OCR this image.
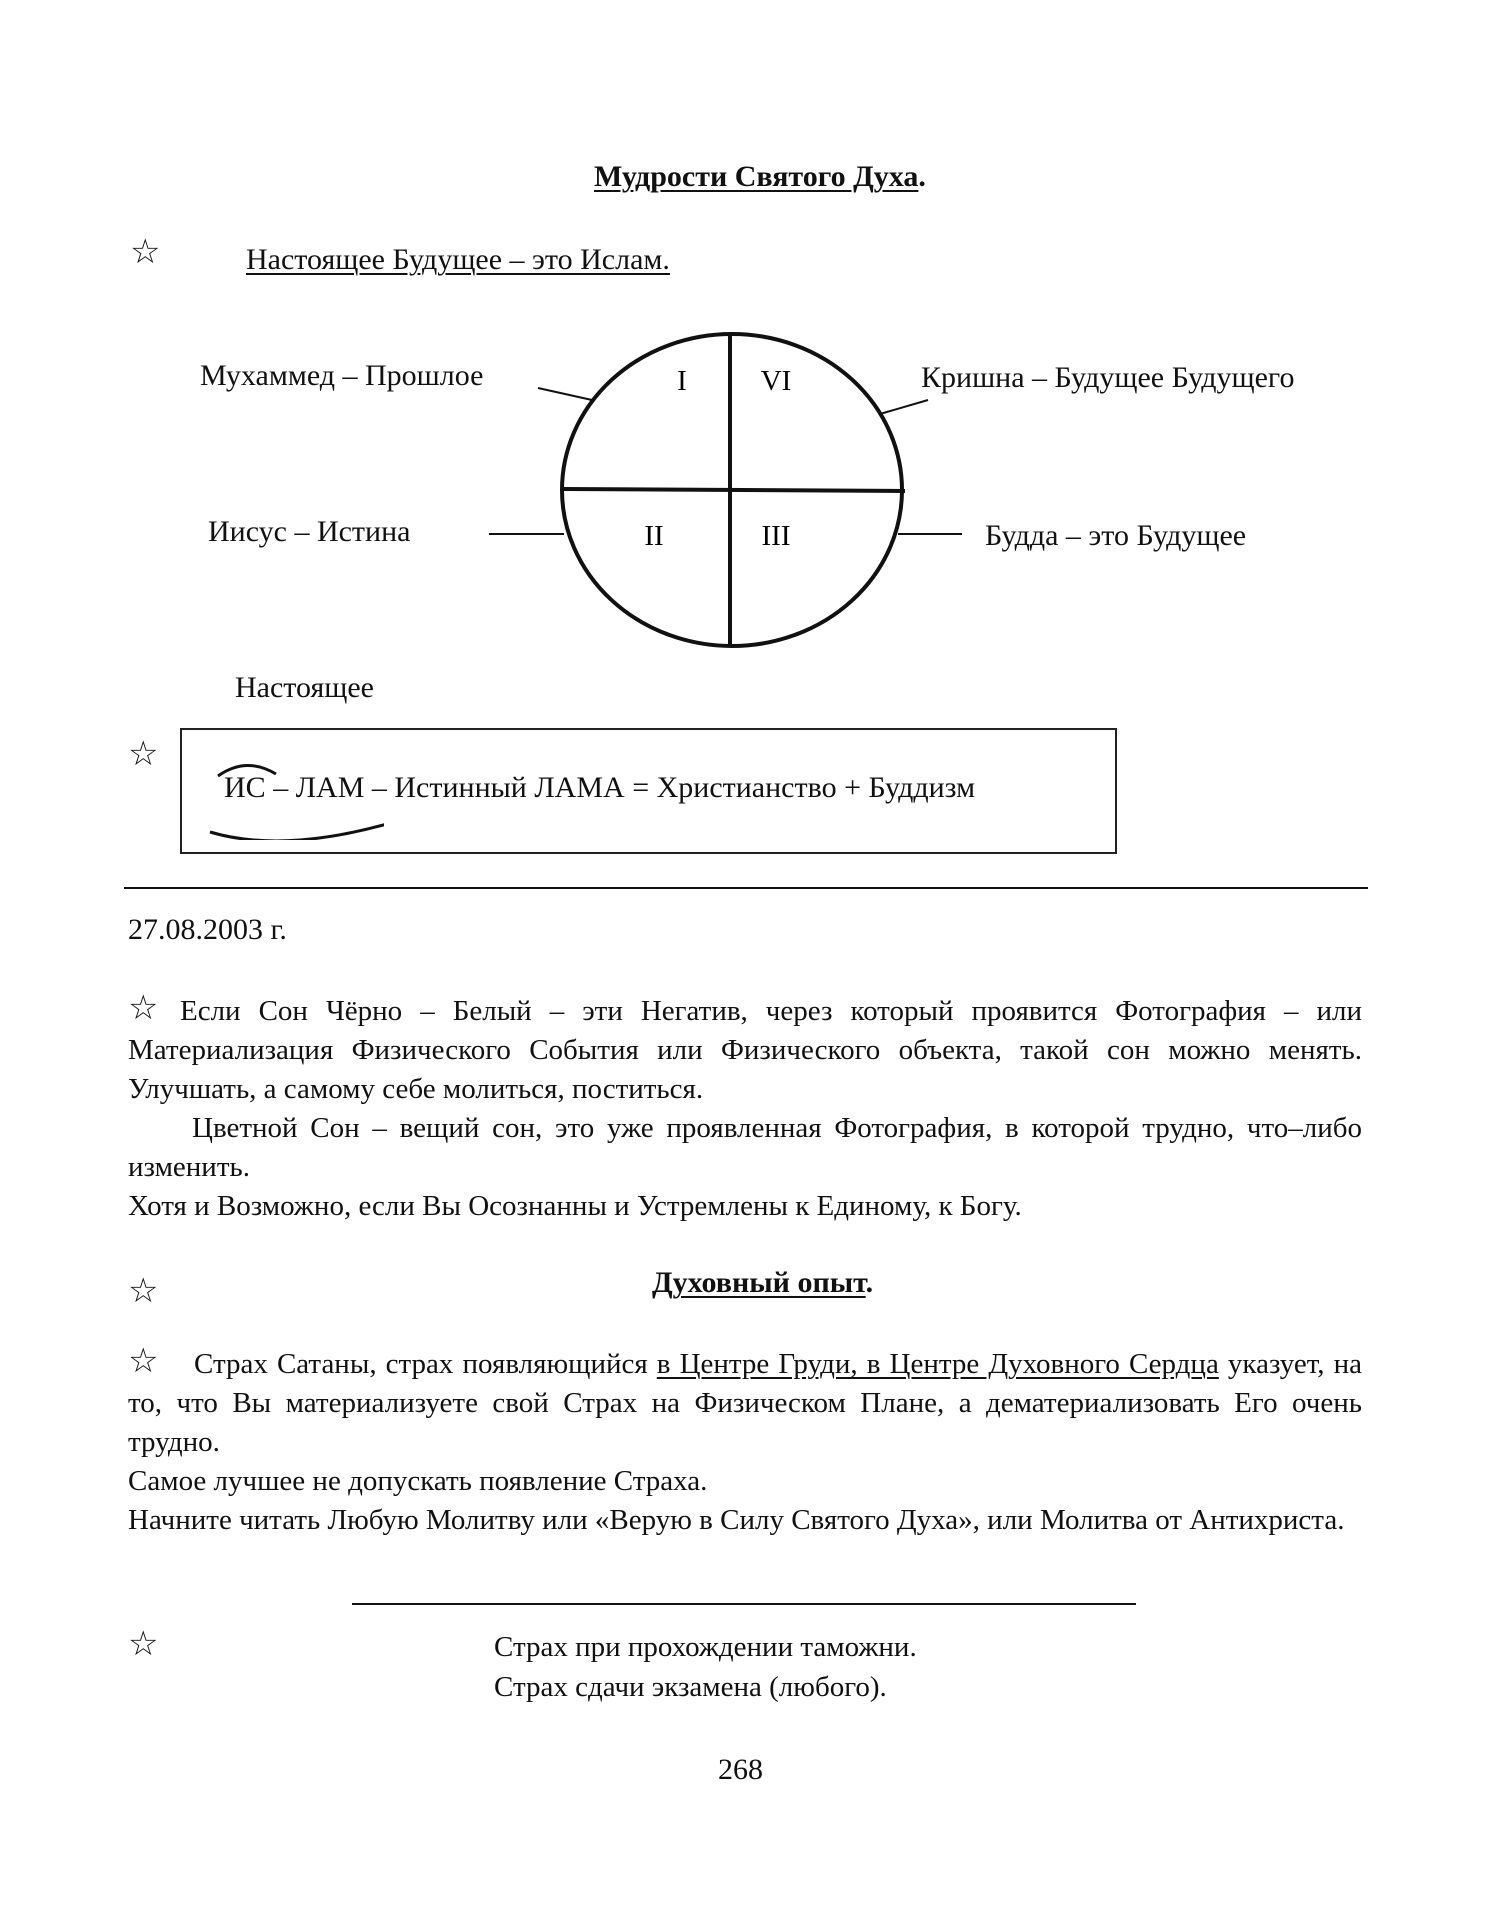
Мудрости Святого Духа.
☆	Настоящее Будущее – это Ислам.
I	VI
II	III
Мухаммед – Прошлое	Кришна – Будущее Будущего
Иисус – Истина	Будда – это Будущее
Настоящее
☆
ИС – ЛАМ – Истинный ЛАМА = Христианство + Буддизм
27.08.2003 г.
☆ Если Сон Чёрно – Белый – эти Негатив, через который проявится Фотография – или Материализация Физического События или Физического объекта, такой сон можно менять. Улучшать, а самому себе молиться, поститься.

Цветной Сон – вещий сон, это уже проявленная Фотография, в которой трудно, что–либо изменить.

Хотя и Возможно, если Вы Осознанны и Устремлены к Единому, к Богу.

☆	Духовный опыт.
☆	Страх Сатаны, страх появляющийся в Центре Груди, в Центре Духовного Сердца указует, на то, что Вы материализуете свой Страх на Физическом Плане, а дематериализовать Его очень трудно.

Самое лучшее не допускать появление Страха.

Начните читать Любую Молитву или «Верую в Силу Святого Духа», или Молитва от Антихриста.

☆	Страх при прохождении таможни.
Страх сдачи экзамена (любого).
268
